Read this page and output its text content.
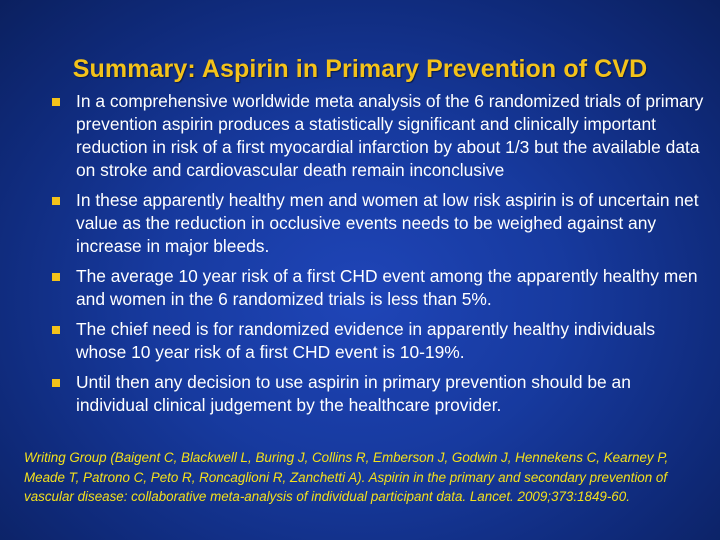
Summary: Aspirin in Primary Prevention of CVD
In a comprehensive worldwide meta analysis of the 6 randomized trials of primary prevention aspirin produces a statistically significant and clinically important reduction in risk of a first myocardial infarction by about 1/3 but the available data on stroke and cardiovascular death remain inconclusive
In these apparently healthy men and women at low risk aspirin is of uncertain net value as the reduction in occlusive events needs to be weighed against any increase in major bleeds.
The average 10 year risk of a first CHD event among the apparently healthy men and women in the 6 randomized trials is less than 5%.
The chief need is for randomized evidence in apparently healthy individuals whose 10 year risk of a first CHD event is 10-19%.
Until then any decision to use aspirin in primary prevention should be an individual clinical judgement by the healthcare provider.
Writing Group (Baigent C, Blackwell L, Buring J, Collins R, Emberson J, Godwin J, Hennekens C, Kearney P, Meade T, Patrono C, Peto R, Roncaglioni R, Zanchetti A). Aspirin in the primary and secondary prevention of vascular disease: collaborative meta-analysis of individual participant data. Lancet. 2009;373:1849-60.
